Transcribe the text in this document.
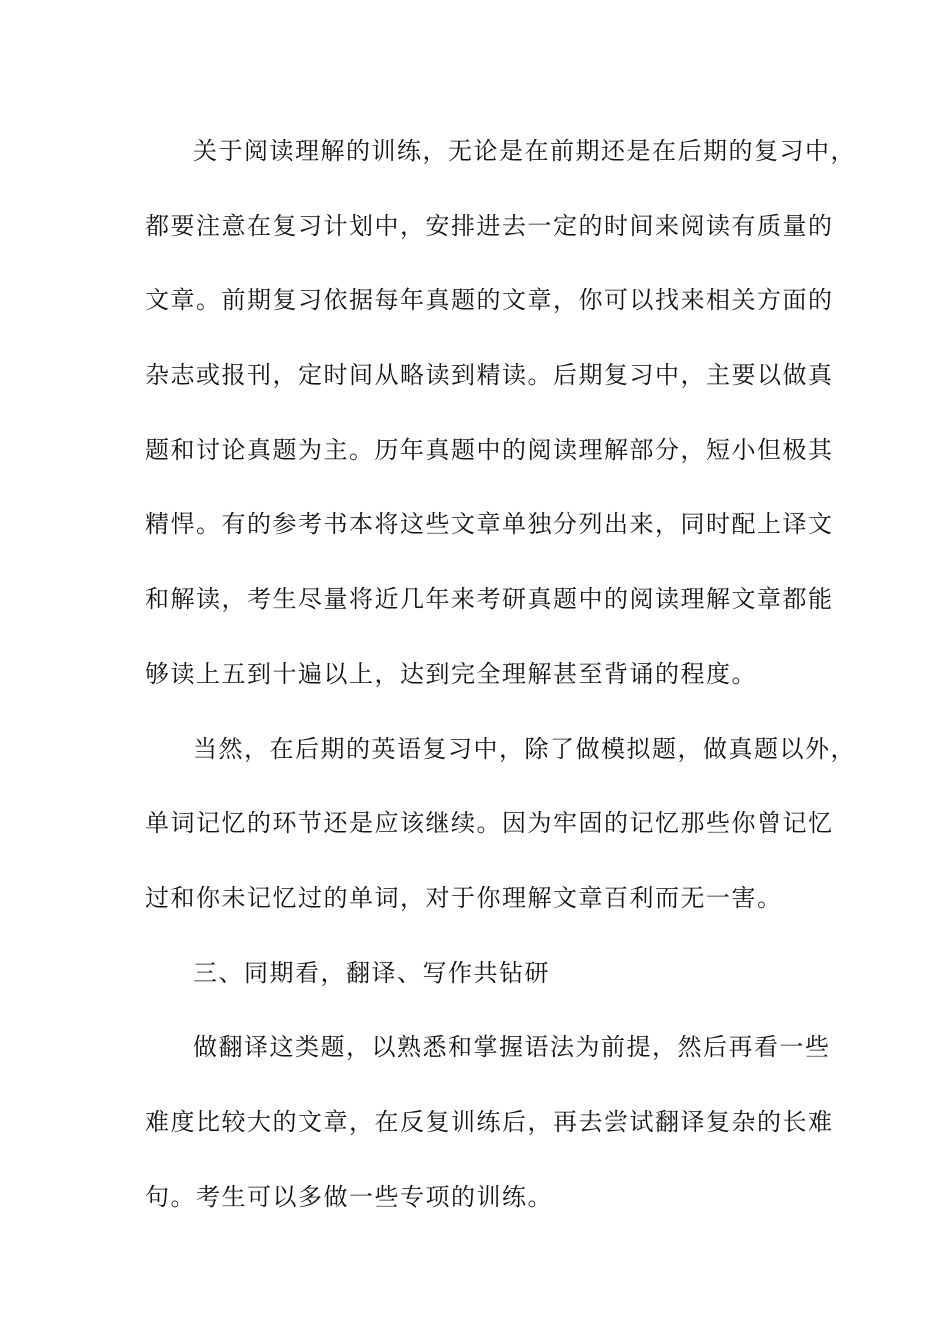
关于阅读理解的训练，无论是在前期还是在后期的复习中，

都要注意在复习计划中，安排进去一定的时间来阅读有质量的

文章。前期复习依据每年真题的文章，你可以找来相关方面的

杂志或报刊，定时间从略读到精读。后期复习中，主要以做真

题和讨论真题为主。历年真题中的阅读理解部分，短小但极其

精悍。有的参考书本将这些文章单独分列出来，同时配上译文

和解读，考生尽量将近几年来考研真题中的阅读理解文章都能

够读上五到十遍以上，达到完全理解甚至背诵的程度。

当然，在后期的英语复习中，除了做模拟题，做真题以外，

单词记忆的环节还是应该继续。因为牢固的记忆那些你曾记忆

过和你未记忆过的单词，对于你理解文章百利而无一害。

三、同期看，翻译、写作共钻研

做翻译这类题，以熟悉和掌握语法为前提，然后再看一些

难度比较大的文章，在反复训练后，再去尝试翻译复杂的长难

句。考生可以多做一些专项的训练。
